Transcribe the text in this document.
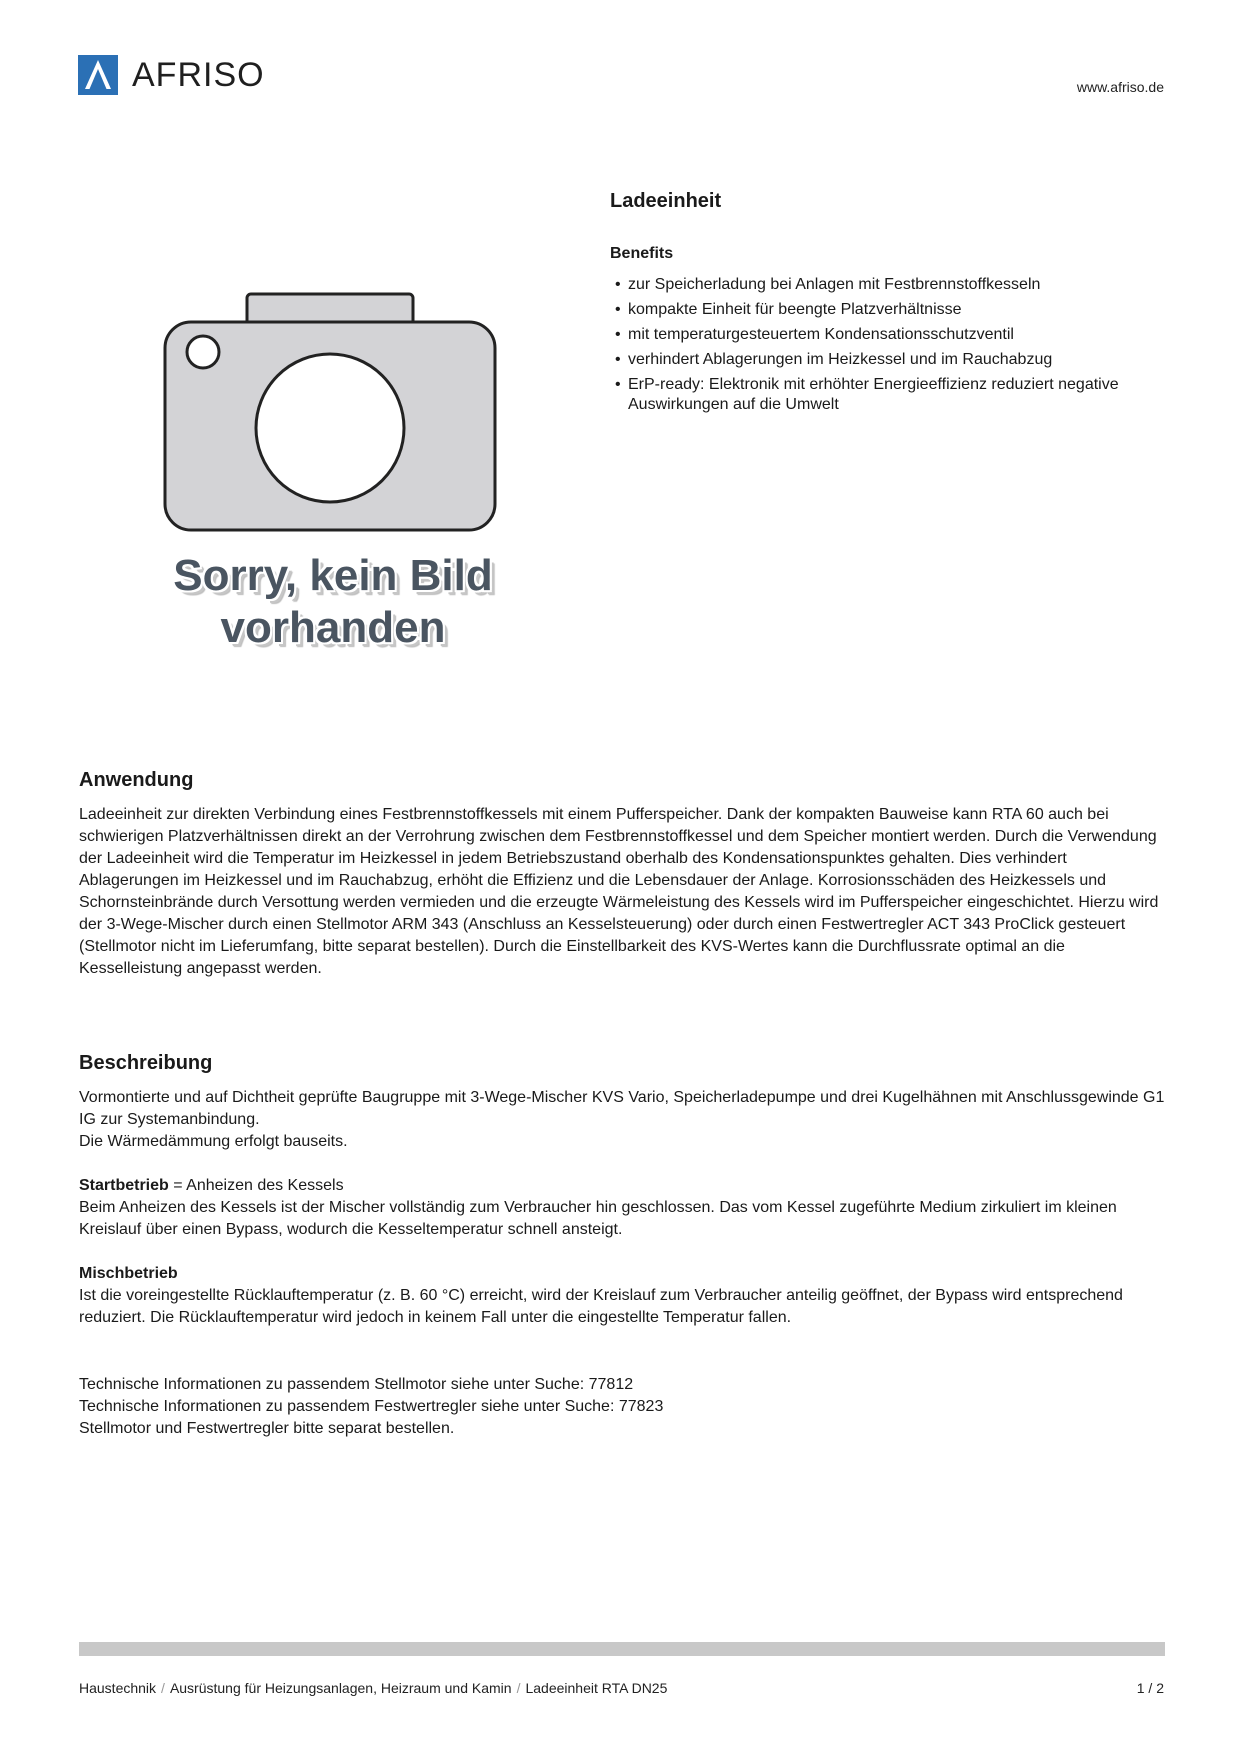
AFRISO	www.afriso.de
Sorry, kein Bild
vorhanden
Ladeeinheit
Benefits
• zur Speicherladung bei Anlagen mit Festbrennstoffkesseln
• kompakte Einheit für beengte Platzverhältnisse
• mit temperaturgesteuertem Kondensationsschutzventil
• verhindert Ablagerungen im Heizkessel und im Rauchabzug
• ErP-ready: Elektronik mit erhöhter Energieeffizienz reduziert negative Auswirkungen auf die Umwelt
Anwendung

Ladeeinheit zur direkten Verbindung eines Festbrennstoffkessels mit einem Pufferspeicher. Dank der kompakten Bauweise kann RTA 60 auch bei schwierigen Platzverhältnissen direkt an der Verrohrung zwischen dem Festbrennstoffkessel und dem Speicher montiert werden. Durch die Verwendung der Ladeeinheit wird die Temperatur im Heizkessel in jedem Betriebszustand oberhalb des Kondensationspunktes gehalten. Dies verhindert Ablagerungen im Heizkessel und im Rauchabzug, erhöht die Effizienz und die Lebensdauer der Anlage. Korrosionsschäden des Heizkessels und Schornsteinbrände durch Versottung werden vermieden und die erzeugte Wärmeleistung des Kessels wird im Pufferspeicher eingeschichtet. Hierzu wird der 3-Wege-Mischer durch einen Stellmotor ARM 343 (Anschluss an Kesselsteuerung) oder durch einen Festwertregler ACT 343 ProClick gesteuert (Stellmotor nicht im Lieferumfang, bitte separat bestellen). Durch die Einstellbarkeit des KVS-Wertes kann die Durchflussrate optimal an die Kesselleistung angepasst werden.

Beschreibung

Vormontierte und auf Dichtheit geprüfte Baugruppe mit 3-Wege-Mischer KVS Vario, Speicherladepumpe und drei Kugelhähnen mit Anschlussgewinde G1 IG zur Systemanbindung.

Die Wärmedämmung erfolgt bauseits.

Startbetrieb = Anheizen des Kessels

Beim Anheizen des Kessels ist der Mischer vollständig zum Verbraucher hin geschlossen. Das vom Kessel zugeführte Medium zirkuliert im kleinen Kreislauf über einen Bypass, wodurch die Kesseltemperatur schnell ansteigt.

Mischbetrieb

Ist die voreingestellte Rücklauftemperatur (z. B. 60 °C) erreicht, wird der Kreislauf zum Verbraucher anteilig geöffnet, der Bypass wird entsprechend reduziert. Die Rücklauftemperatur wird jedoch in keinem Fall unter die eingestellte Temperatur fallen.

Technische Informationen zu passendem Stellmotor siehe unter Suche: 77812

Technische Informationen zu passendem Festwertregler siehe unter Suche: 77823

Stellmotor und Festwertregler bitte separat bestellen.

Haustechnik / Ausrüstung für Heizungsanlagen, Heizraum und Kamin / Ladeeinheit RTA DN25	1 / 2
